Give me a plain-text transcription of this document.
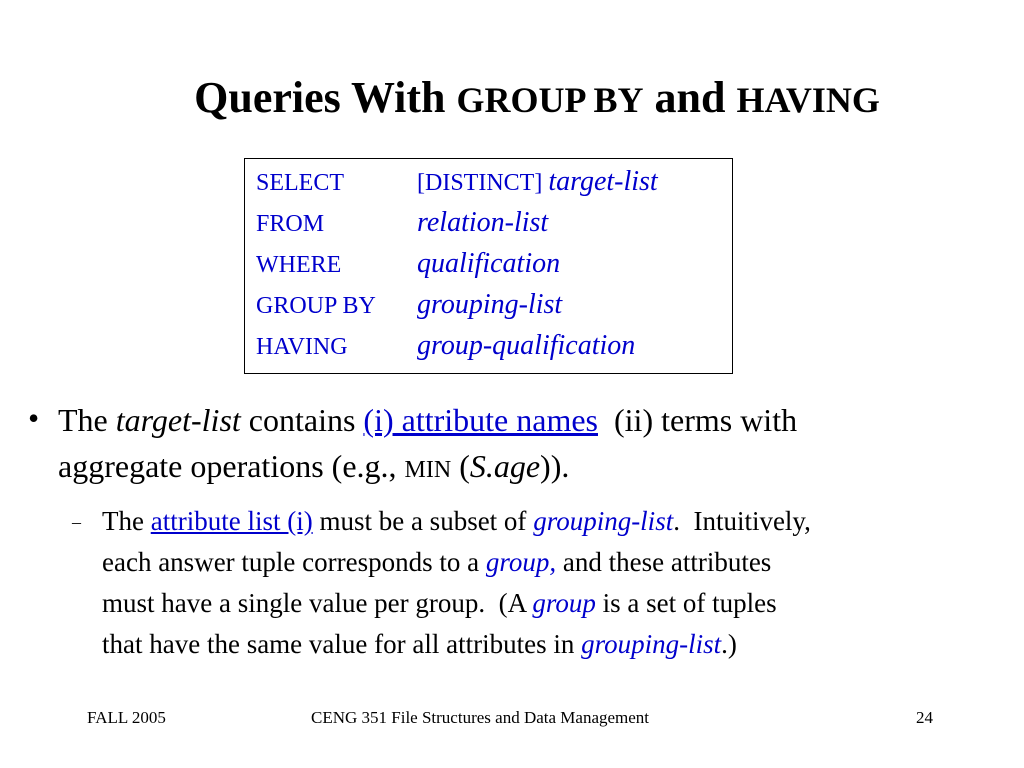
Queries With GROUP BY and HAVING
SELECT	[DISTINCT] target-list
FROM	relation-list
WHERE	qualification
GROUP BY grouping-list
HAVING group-qualification
• The target-list contains (i) attribute names  (ii) terms with
aggregate operations (e.g., MIN (S.age)).
– The attribute list (i) must be a subset of grouping-list.  Intuitively,
each answer tuple corresponds to a group, and these attributes
must have a single value per group.  (A group is a set of tuples
that have the same value for all attributes in grouping-list.)
FALL 2005	CENG 351 File Structures and Data Management	24
